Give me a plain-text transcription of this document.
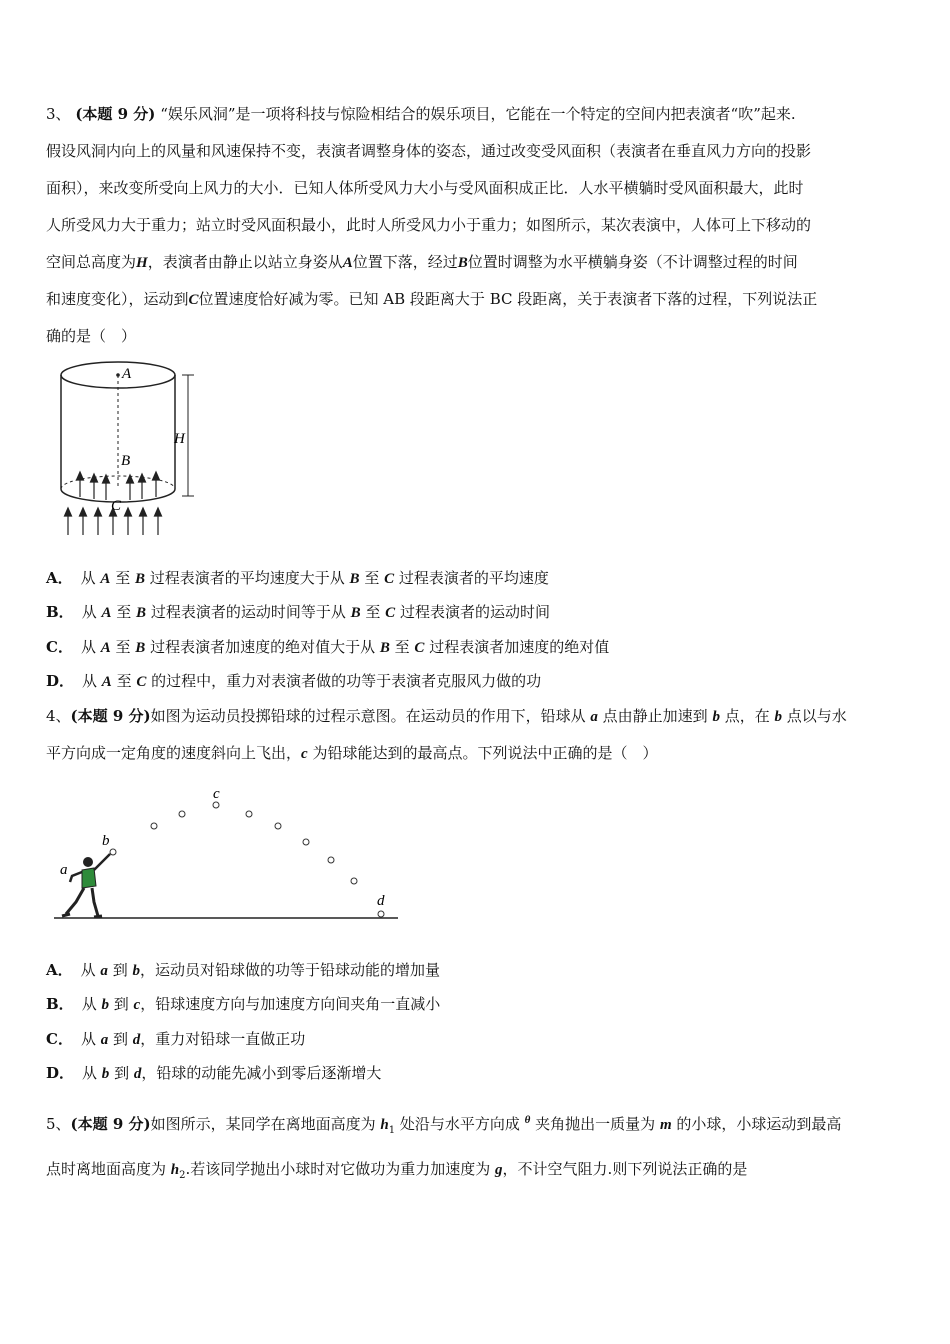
3、 (本题 9 分) “娱乐风洞”是一项将科技与惊险相结合的娱乐项目，它能在一个特定的空间内把表演者“吹”起来.
假设风洞内向上的风量和风速保持不变，表演者调整身体的姿态，通过改变受风面积（表演者在垂直风力方向的投影
面积），来改变所受向上风力的大小．已知人体所受风力大小与受风面积成正比．人水平横躺时受风面积最大，此时
人所受风力大于重力；站立时受风面积最小，此时人所受风力小于重力；如图所示，某次表演中，人体可上下移动的
空间总高度为H，表演者由静止以站立身姿从A位置下落，经过B位置时调整为水平横躺身姿（不计调整过程的时间
和速度变化），运动到C位置速度恰好减为零。已知 AB 段距离大于 BC 段距离，关于表演者下落的过程，下列说法正
确的是（　）
A
B
C
H
A． 从 A 至 B 过程表演者的平均速度大于从 B 至 C 过程表演者的平均速度
B． 从 A 至 B 过程表演者的运动时间等于从 B 至 C 过程表演者的运动时间
C． 从 A 至 B 过程表演者加速度的绝对值大于从 B 至 C 过程表演者加速度的绝对值
D． 从 A 至 C 的过程中，重力对表演者做的功等于表演者克服风力做的功
4、(本题 9 分)如图为运动员投掷铅球的过程示意图。在运动员的作用下，铅球从 a 点由静止加速到 b 点，在 b 点以与水
平方向成一定角度的速度斜向上飞出，c 为铅球能达到的最高点。下列说法中正确的是（　）
c
b
a
d
A． 从 a 到 b，运动员对铅球做的功等于铅球动能的增加量
B． 从 b 到 c，铅球速度方向与加速度方向间夹角一直减小
C． 从 a 到 d，重力对铅球一直做正功
D． 从 b 到 d，铅球的动能先减小到零后逐渐增大
5、(本题 9 分)如图所示，某同学在离地面高度为 $h_1$ 处沿与水平方向成 $^\theta$ 夹角抛出一质量为 m 的小球，小球运动到最高
点时离地面高度为 $h_2$.若该同学抛出小球时对它做功为重力加速度为 g，不计空气阻力.则下列说法正确的是
